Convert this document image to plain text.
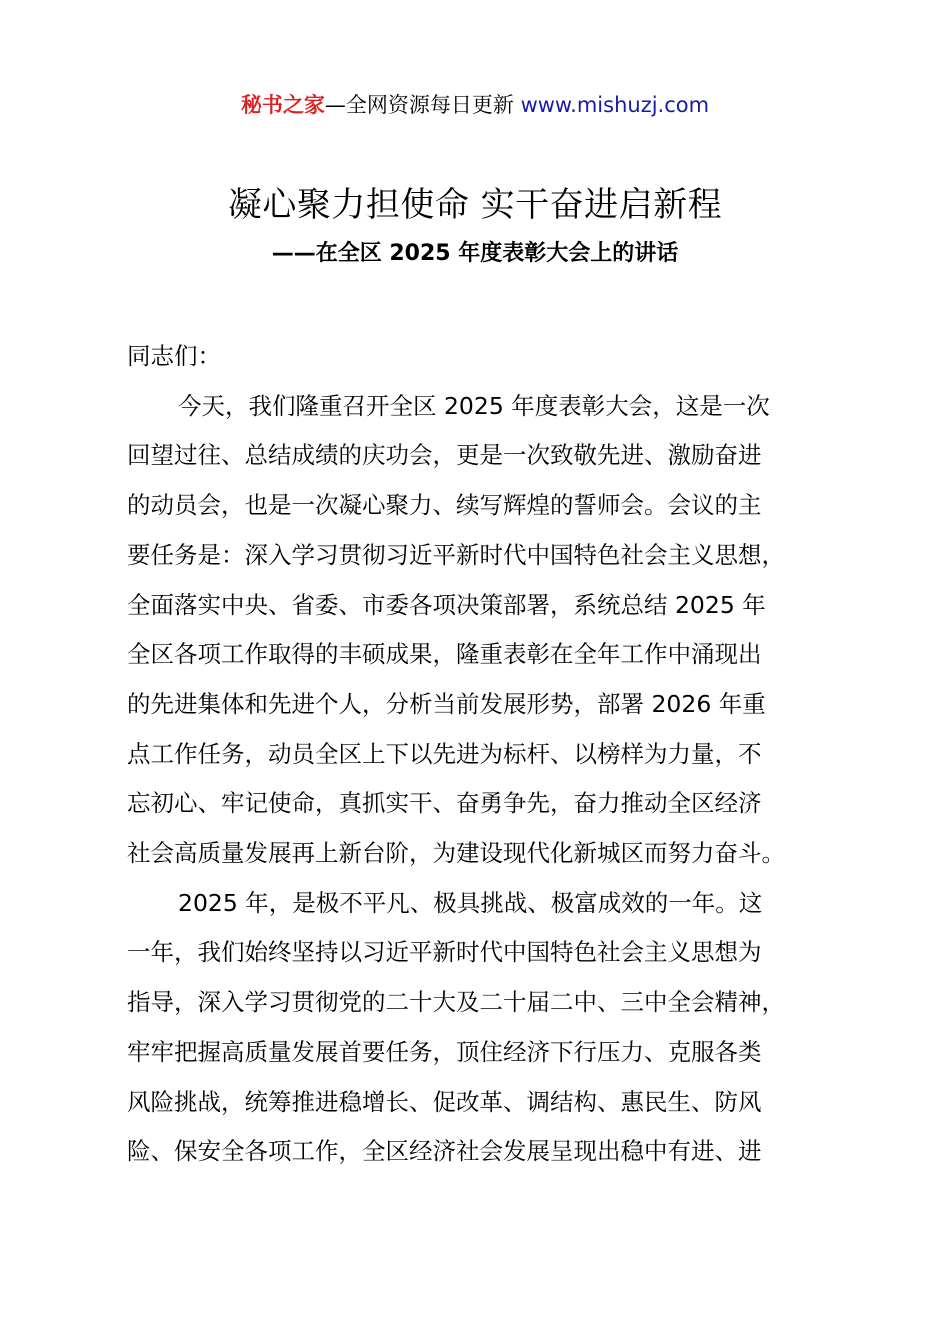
秘书之家—全网资源每日更新 www.mishuzj.com
凝心聚力担使命 实干奋进启新程
——在全区 2025 年度表彰大会上的讲话

同志们：

今天，我们隆重召开全区 2025 年度表彰大会，这是一次
回望过往、总结成绩的庆功会，更是一次致敬先进、激励奋进
的动员会，也是一次凝心聚力、续写辉煌的誓师会。会议的主
要任务是：深入学习贯彻习近平新时代中国特色社会主义思想，
全面落实中央、省委、市委各项决策部署，系统总结 2025 年
全区各项工作取得的丰硕成果，隆重表彰在全年工作中涌现出
的先进集体和先进个人，分析当前发展形势，部署 2026 年重
点工作任务，动员全区上下以先进为标杆、以榜样为力量，不
忘初心、牢记使命，真抓实干、奋勇争先，奋力推动全区经济
社会高质量发展再上新台阶，为建设现代化新城区而努力奋斗。

2025 年，是极不平凡、极具挑战、极富成效的一年。这
一年，我们始终坚持以习近平新时代中国特色社会主义思想为
指导，深入学习贯彻党的二十大及二十届二中、三中全会精神，
牢牢把握高质量发展首要任务，顶住经济下行压力、克服各类
风险挑战，统筹推进稳增长、促改革、调结构、惠民生、防风
险、保安全各项工作，全区经济社会发展呈现出稳中有进、进
